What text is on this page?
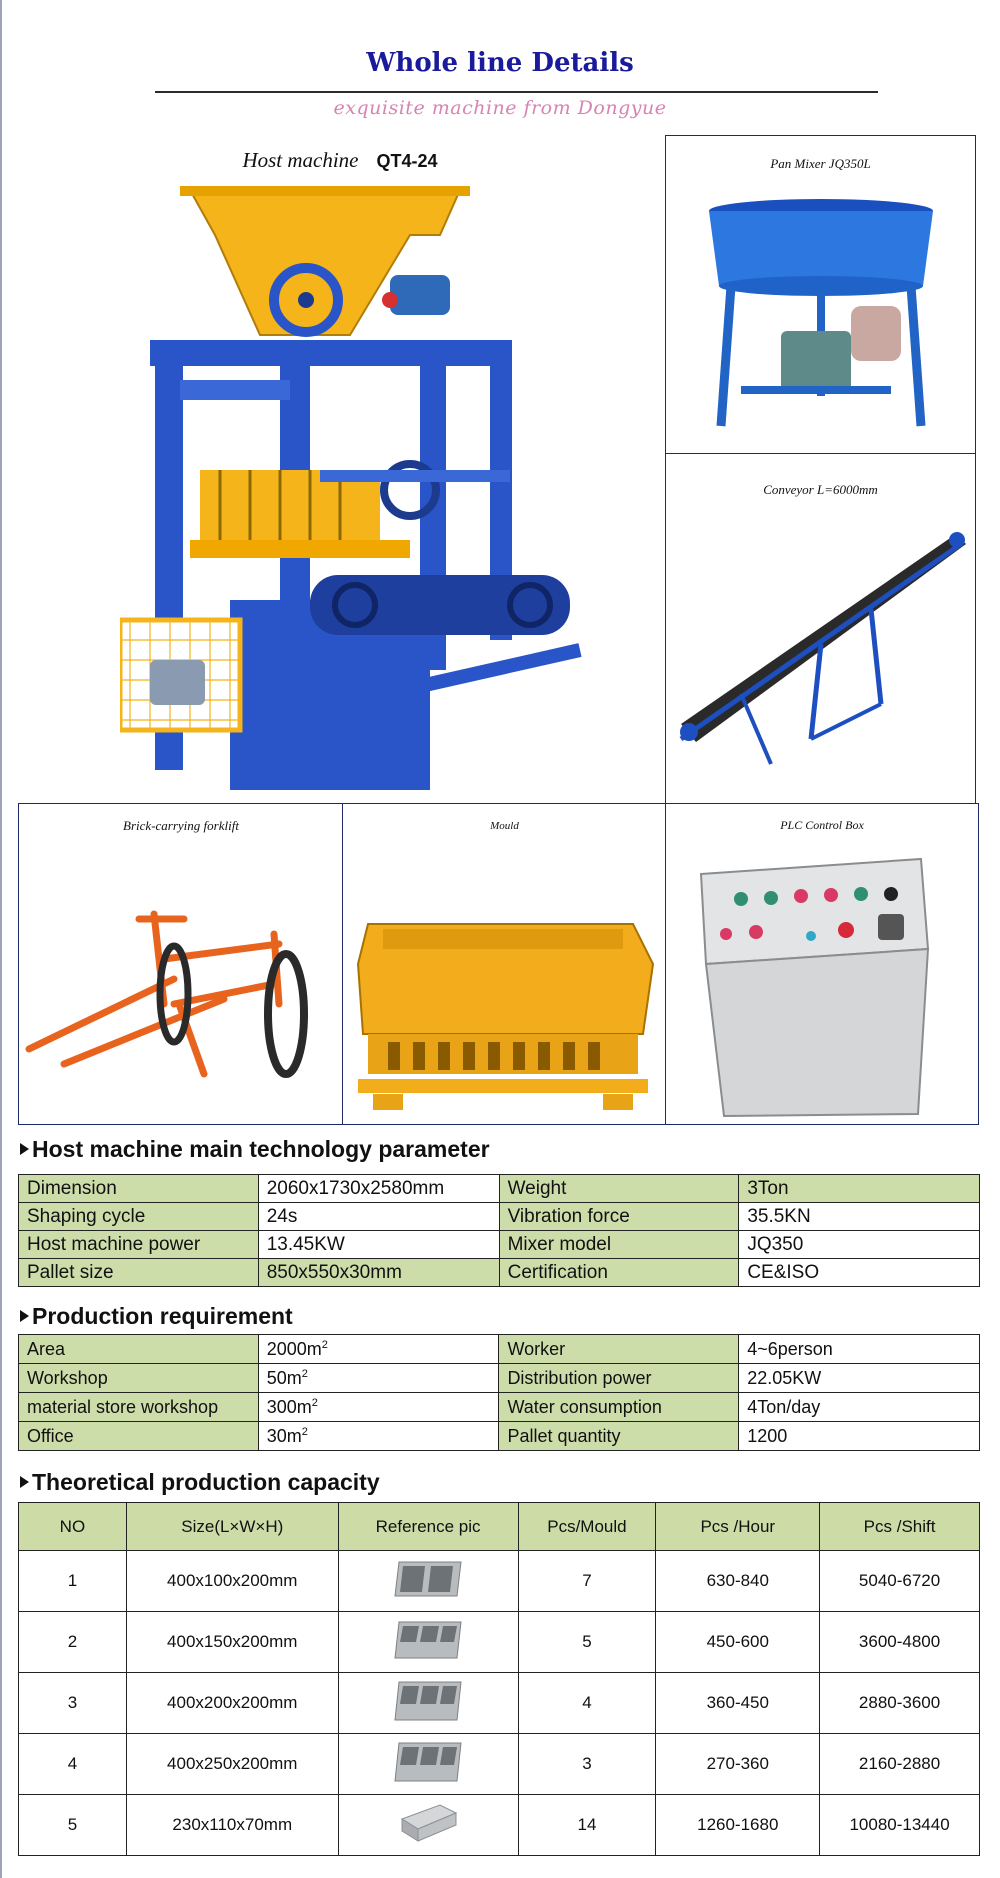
Whole line Details
exquisite machine from Dongyue
Host machine QT4-24	Pan Mixer JQ350L
Conveyor L=6000mm
Brick-carrying forklift	Mould	PLC Control Box
Host machine main technology parameter
Dimension	2060x1730x2580mm	Weight	3Ton
Shaping cycle	24s	Vibration force	35.5KN
Host machine power	13.45KW	Mixer model	JQ350
Pallet size	850x550x30mm	Certification	CE&ISO
Production requirement
Area	$2000m^2$	Worker	4~6person
Workshop	$50m^2$	Distribution power	22.05KW
material store workshop	$300m^2$	Water consumption	4Ton/day
Office	$30m^2$	Pallet quantity	1200
Theoretical production capacity
NO	Size(L×W×H)	Reference pic	Pcs/Mould	Pcs /Hour	Pcs /Shift
1	400x100x200mm		7	630-840	5040-6720
2	400x150x200mm		5	450-600	3600-4800
3	400x200x200mm		4	360-450	2880-3600
4	400x250x200mm		3	270-360	2160-2880
5	230x110x70mm		14	1260-1680	10080-13440
